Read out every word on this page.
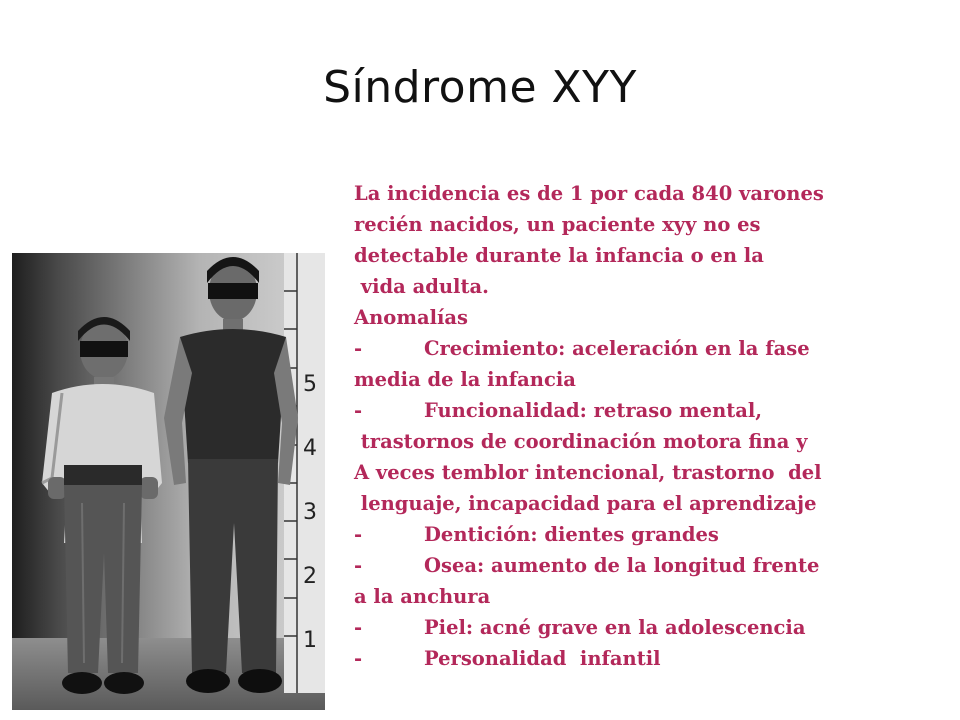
Síndrome XYY
5
4
3
2
1
La incidencia es de 1 por cada 840 varones
recién nacidos, un paciente xyy no es
detectable durante la infancia o en la
vida adulta.
Anomalías
-	Crecimiento: aceleración en la fase
media de la infancia
-	Funcionalidad: retraso mental,
trastornos de coordinación motora fina y
A veces temblor intencional, trastorno  del
lenguaje, incapacidad para el aprendizaje
-	Dentición: dientes grandes
-	Osea: aumento de la longitud frente
a la anchura
-	Piel: acné grave en la adolescencia
-	Personalidad  infantil
